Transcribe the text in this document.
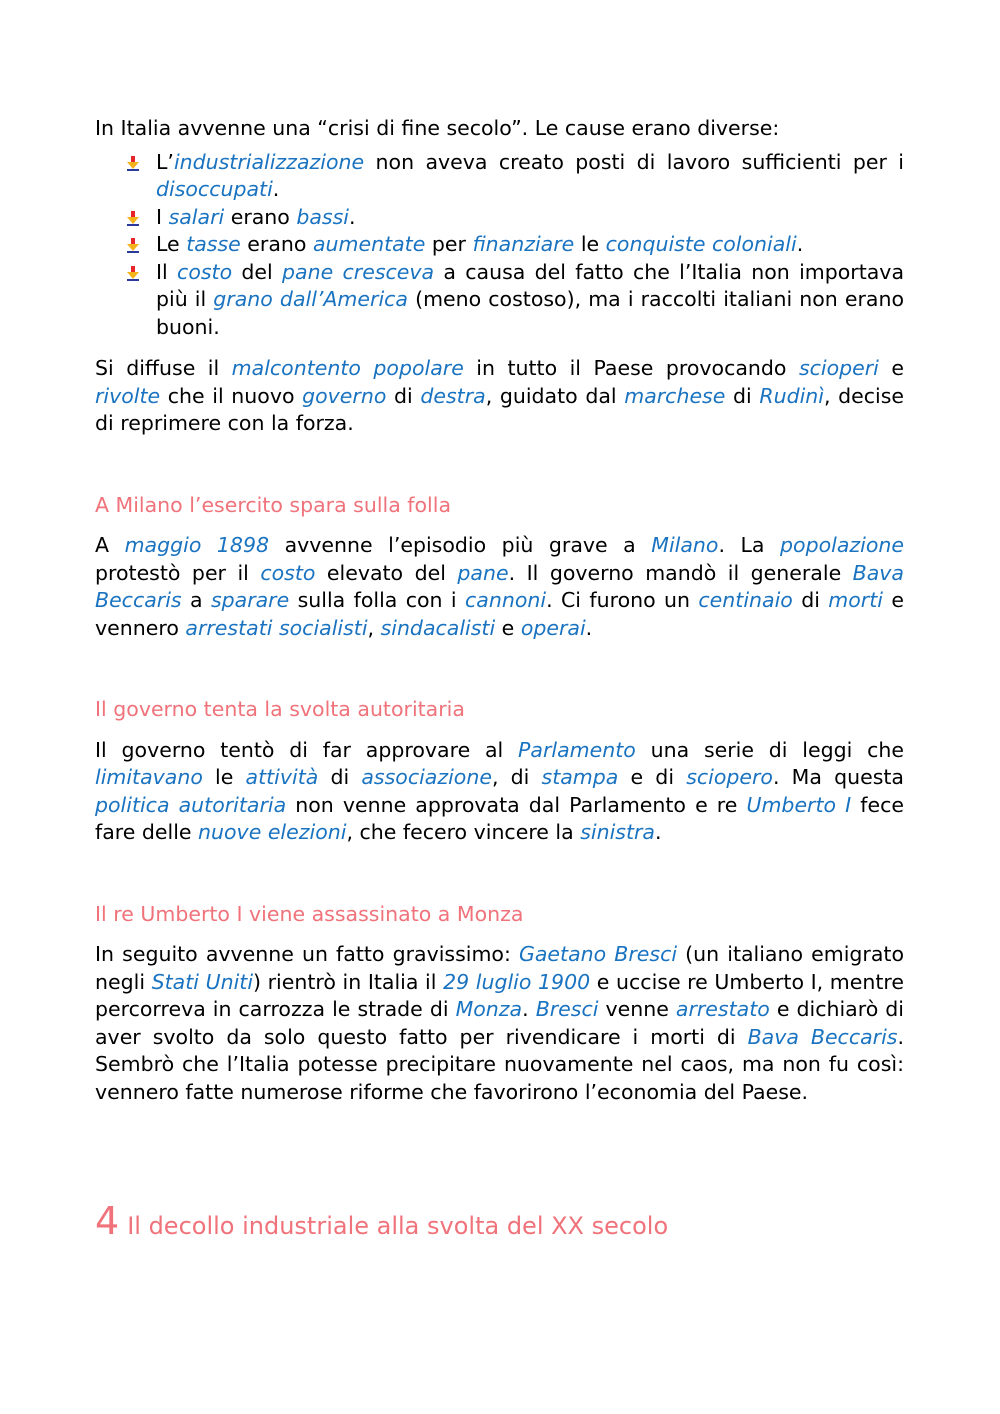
In Italia avvenne una “crisi di fine secolo”. Le cause erano diverse:

L’industrializzazione non aveva creato posti di lavoro sufficienti per i disoccupati.
I salari erano bassi.
Le tasse erano aumentate per finanziare le conquiste coloniali.
Il costo del pane cresceva a causa del fatto che l’Italia non importava più il grano dall’America (meno costoso), ma i raccolti italiani non erano buoni.

Si diffuse il malcontento popolare in tutto il Paese provocando scioperi e rivolte che il nuovo governo di destra, guidato dal marchese di Rudinì, decise di reprimere con la forza.

A Milano l’esercito spara sulla folla

A maggio 1898 avvenne l’episodio più grave a Milano. La popolazione protestò per il costo elevato del pane. Il governo mandò il generale Bava Beccaris a sparare sulla folla con i cannoni. Ci furono un centinaio di morti e vennero arrestati socialisti, sindacalisti e operai.

Il governo tenta la svolta autoritaria

Il governo tentò di far approvare al Parlamento una serie di leggi che limitavano le attività di associazione, di stampa e di sciopero. Ma questa politica autoritaria non venne approvata dal Parlamento e re Umberto I fece fare delle nuove elezioni, che fecero vincere la sinistra.

Il re Umberto I viene assassinato a Monza

In seguito avvenne un fatto gravissimo: Gaetano Bresci (un italiano emigrato negli Stati Uniti) rientrò in Italia il 29 luglio 1900 e uccise re Umberto I, mentre percorreva in carrozza le strade di Monza. Bresci venne arrestato e dichiarò di aver svolto da solo questo fatto per rivendicare i morti di Bava Beccaris. Sembrò che l’Italia potesse precipitare nuovamente nel caos, ma non fu così: vennero fatte numerose riforme che favorirono l’economia del Paese.

4 Il decollo industriale alla svolta del XX secolo
